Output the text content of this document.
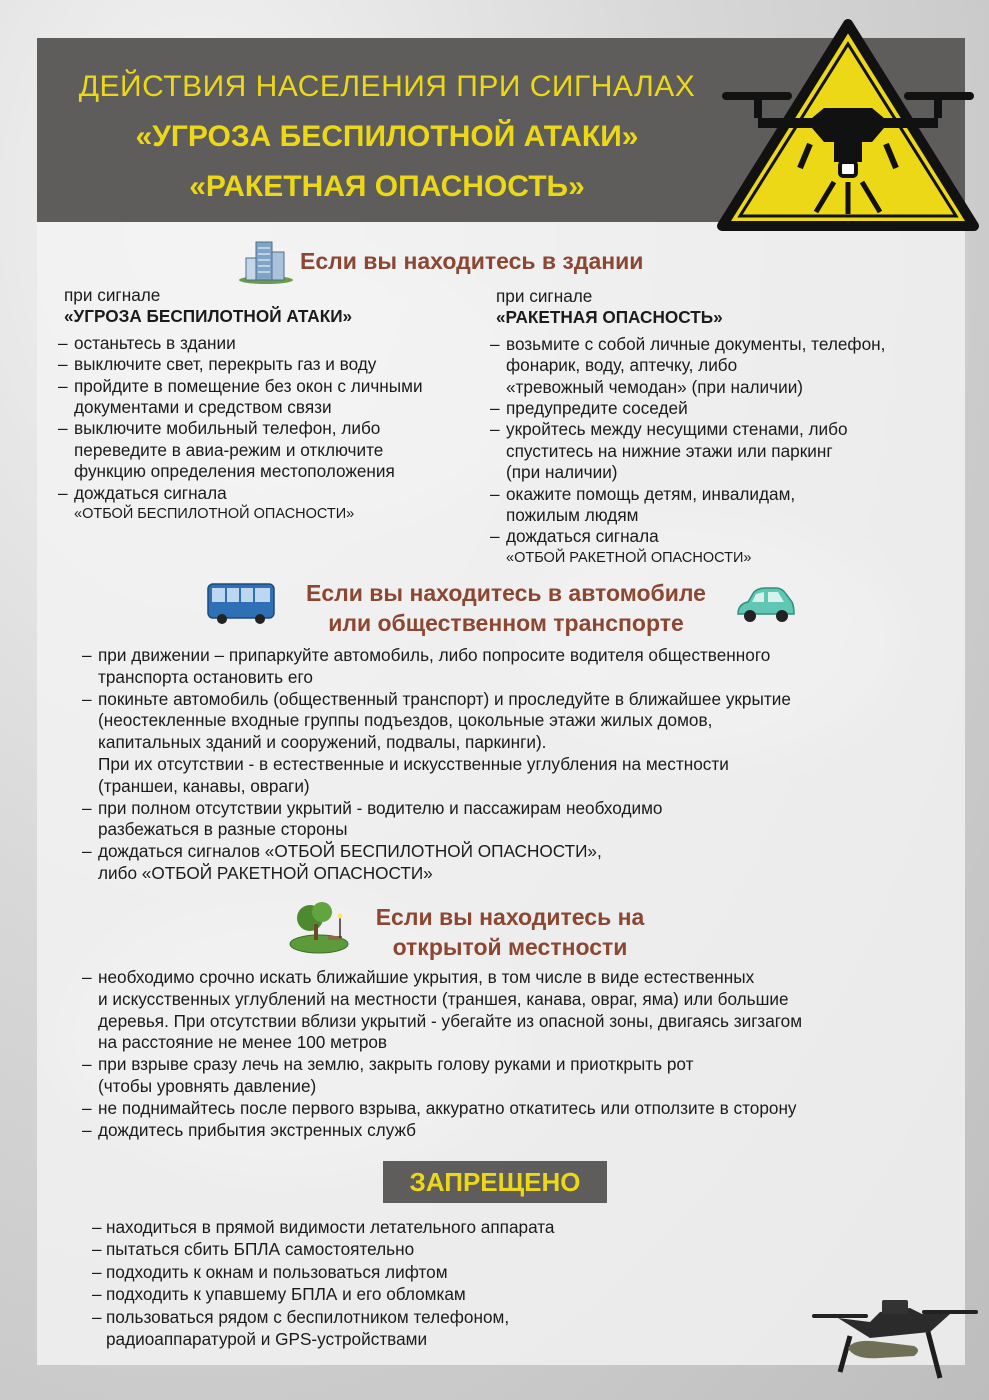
ДЕЙСТВИЯ НАСЕЛЕНИЯ ПРИ СИГНАЛАХ
«УГРОЗА БЕСПИЛОТНОЙ АТАКИ»
«РАКЕТНАЯ ОПАСНОСТЬ»
Если вы находитесь в здании
при сигнале
«УГРОЗА БЕСПИЛОТНОЙ АТАКИ»
– останьтесь в здании
– выключите свет, перекрыть газ и воду
– пройдите в помещение без окон с личными
документами и средством связи
– выключите мобильный телефон, либо
переведите в авиа-режим и отключите
функцию определения местоположения
– дождаться сигнала
«ОТБОЙ БЕСПИЛОТНОЙ ОПАСНОСТИ»
при сигнале
«РАКЕТНАЯ ОПАСНОСТЬ»
– возьмите с собой личные документы, телефон,
фонарик, воду, аптечку, либо
«тревожный чемодан» (при наличии)
– предупредите соседей
– укройтесь между несущими стенами, либо
спуститесь на нижние этажи или паркинг
(при наличии)
– окажите помощь детям, инвалидам,
пожилым людям
– дождаться сигнала
«ОТБОЙ РАКЕТНОЙ ОПАСНОСТИ»
Если вы находитесь в автомобиле
или общественном транспорте
– при движении – припаркуйте автомобиль, либо попросите водителя общественного
транспорта остановить его
– покиньте автомобиль (общественный транспорт) и проследуйте в ближайшее укрытие
(неостекленные входные группы подъездов, цокольные этажи жилых домов,
капитальных зданий и сооружений, подвалы, паркинги).
При их отсутствии - в естественные и искусственные углубления на местности
(траншеи, канавы, овраги)
– при полном отсутствии укрытий - водителю и пассажирам необходимо
разбежаться в разные стороны
– дождаться сигналов «ОТБОЙ БЕСПИЛОТНОЙ ОПАСНОСТИ»,
либо «ОТБОЙ РАКЕТНОЙ ОПАСНОСТИ»
Если вы находитесь на
открытой местности
– необходимо срочно искать ближайшие укрытия, в том числе в виде естественных
и искусственных углублений на местности (траншея, канава, овраг, яма) или большие
деревья. При отсутствии вблизи укрытий - убегайте из опасной зоны, двигаясь зигзагом
на расстояние не менее 100 метров
– при взрыве сразу лечь на землю, закрыть голову руками и приоткрыть рот
(чтобы уровнять давление)
– не поднимайтесь после первого взрыва, аккуратно откатитесь или отползите в сторону
– дождитесь прибытия экстренных служб
ЗАПРЕЩЕНО
– находиться в прямой видимости летательного аппарата
– пытаться сбить БПЛА самостоятельно
– подходить к окнам и пользоваться лифтом
– подходить к упавшему БПЛА и его обломкам
– пользоваться рядом с беспилотником телефоном,
радиоаппаратурой и GPS-устройствами
